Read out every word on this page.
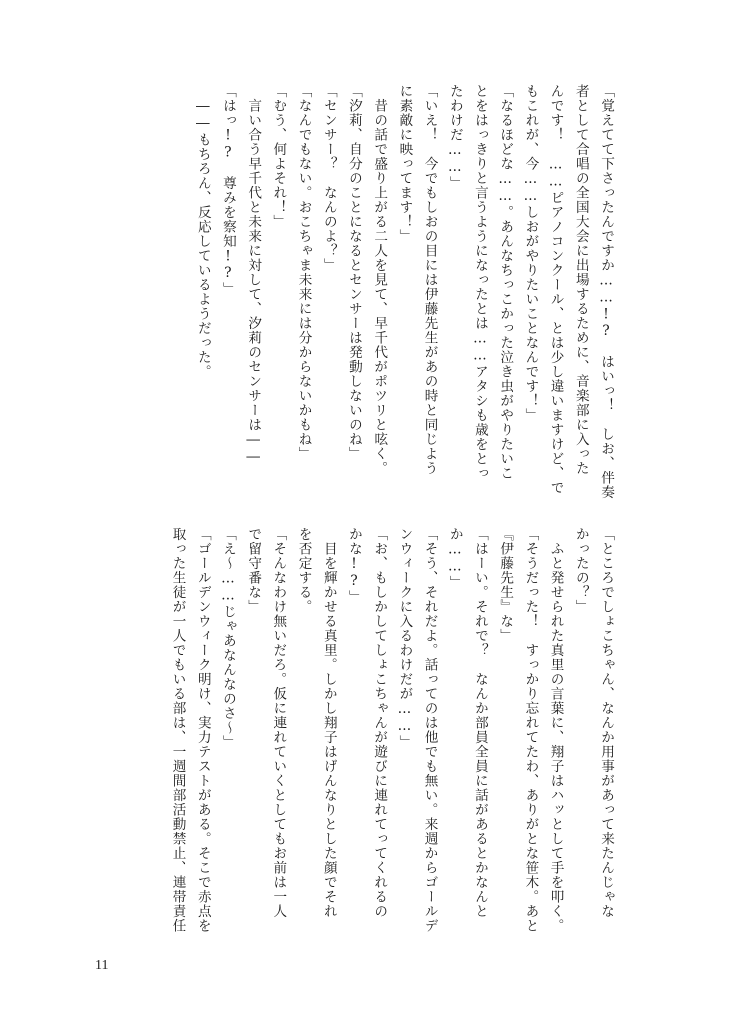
「覚えてて下さったんですか……!?　はいっ！　しお、伴奏
者として合唱の全国大会に出場するために、音楽部に入った
んです！　……ピアノコンクール、とは少し違いますけど、で
もこれが、今……しおがやりたいことなんです！」
「なるほどな……。あんなちっこかった泣き虫がやりたいこ
とをはっきりと言うようになったとは……アタシも歳をとっ
たわけだ……」
「いえ！　今でもしおの目には伊藤先生があの時と同じよう
に素敵に映ってます！」
　昔の話で盛り上がる二人を見て、早千代がポツリと呟く。
「汐莉、自分のことになるとセンサーは発動しないのね」
「センサー？　なんのよ？」
「なんでもない。おこちゃま未来には分からないかもね」
「むう、何よそれ！」
　言い合う早千代と未来に対して、汐莉のセンサーは――
「はっ!?　尊みを察知!?」
　――もちろん、反応しているようだった。
「ところでしょこちゃん、なんか用事があって来たんじゃな
かったの？」
　ふと発せられた真里の言葉に、翔子はハッとして手を叩く。
「そうだった！　すっかり忘れてたわ、ありがとな笹木。あと
『伊藤先生』な」
「はーい。それで？　なんか部員全員に話があるとかなんと
か……」
「そう、それだよ。話ってのは他でも無い。来週からゴールデ
ンウィークに入るわけだが……」
「お、もしかしてしょこちゃんが遊びに連れてってくれるの
かな!?」
　目を輝かせる真里。しかし翔子はげんなりとした顔でそれ
を否定する。
「そんなわけ無いだろ。仮に連れていくとしてもお前は一人
で留守番な」
「え～……じゃあなんなのさ～」
「ゴールデンウィーク明け、実力テストがある。そこで赤点を
取った生徒が一人でもいる部は、一週間部活動禁止、連帯責任
11
